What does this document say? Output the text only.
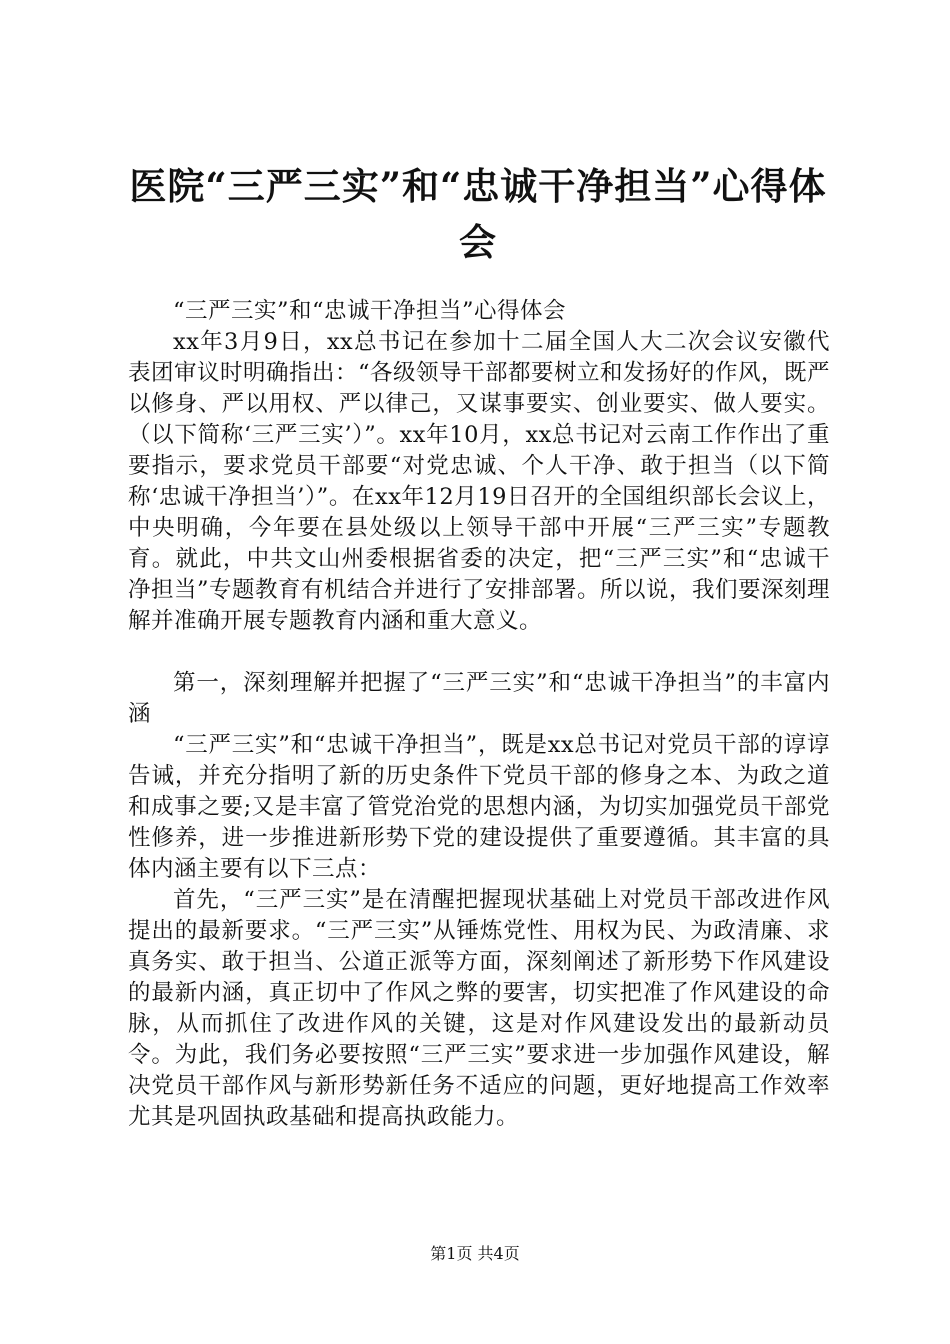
医院“三严三实”和“忠诚干净担当”心得体会

“三严三实”和“忠诚干净担当”心得体会

xx年3月9日，xx总书记在参加十二届全国人大二次会议安徽代表团审议时明确指出：“各级领导干部都要树立和发扬好的作风，既严以修身、严以用权、严以律己，又谋事要实、创业要实、做人要实。（以下简称‘三严三实’）”。xx年10月，xx总书记对云南工作作出了重要指示，要求党员干部要“对党忠诚、个人干净、敢于担当（以下简称‘忠诚干净担当’）”。在xx年12月19日召开的全国组织部长会议上，中央明确，今年要在县处级以上领导干部中开展“三严三实”专题教育。就此，中共文山州委根据省委的决定，把“三严三实”和“忠诚干净担当”专题教育有机结合并进行了安排部署。所以说，我们要深刻理解并准确开展专题教育内涵和重大意义。

第一，深刻理解并把握了“三严三实”和“忠诚干净担当”的丰富内涵

“三严三实”和“忠诚干净担当”，既是xx总书记对党员干部的谆谆告诫，并充分指明了新的历史条件下党员干部的修身之本、为政之道和成事之要;又是丰富了管党治党的思想内涵，为切实加强党员干部党性修养，进一步推进新形势下党的建设提供了重要遵循。其丰富的具体内涵主要有以下三点：

首先，“三严三实”是在清醒把握现状基础上对党员干部改进作风提出的最新要求。“三严三实”从锤炼党性、用权为民、为政清廉、求真务实、敢于担当、公道正派等方面，深刻阐述了新形势下作风建设的最新内涵，真正切中了作风之弊的要害，切实把准了作风建设的命脉，从而抓住了改进作风的关键，这是对作风建设发出的最新动员令。为此，我们务必要按照“三严三实”要求进一步加强作风建设，解决党员干部作风与新形势新任务不适应的问题，更好地提高工作效率尤其是巩固执政基础和提高执政能力。

第1页 共4页
